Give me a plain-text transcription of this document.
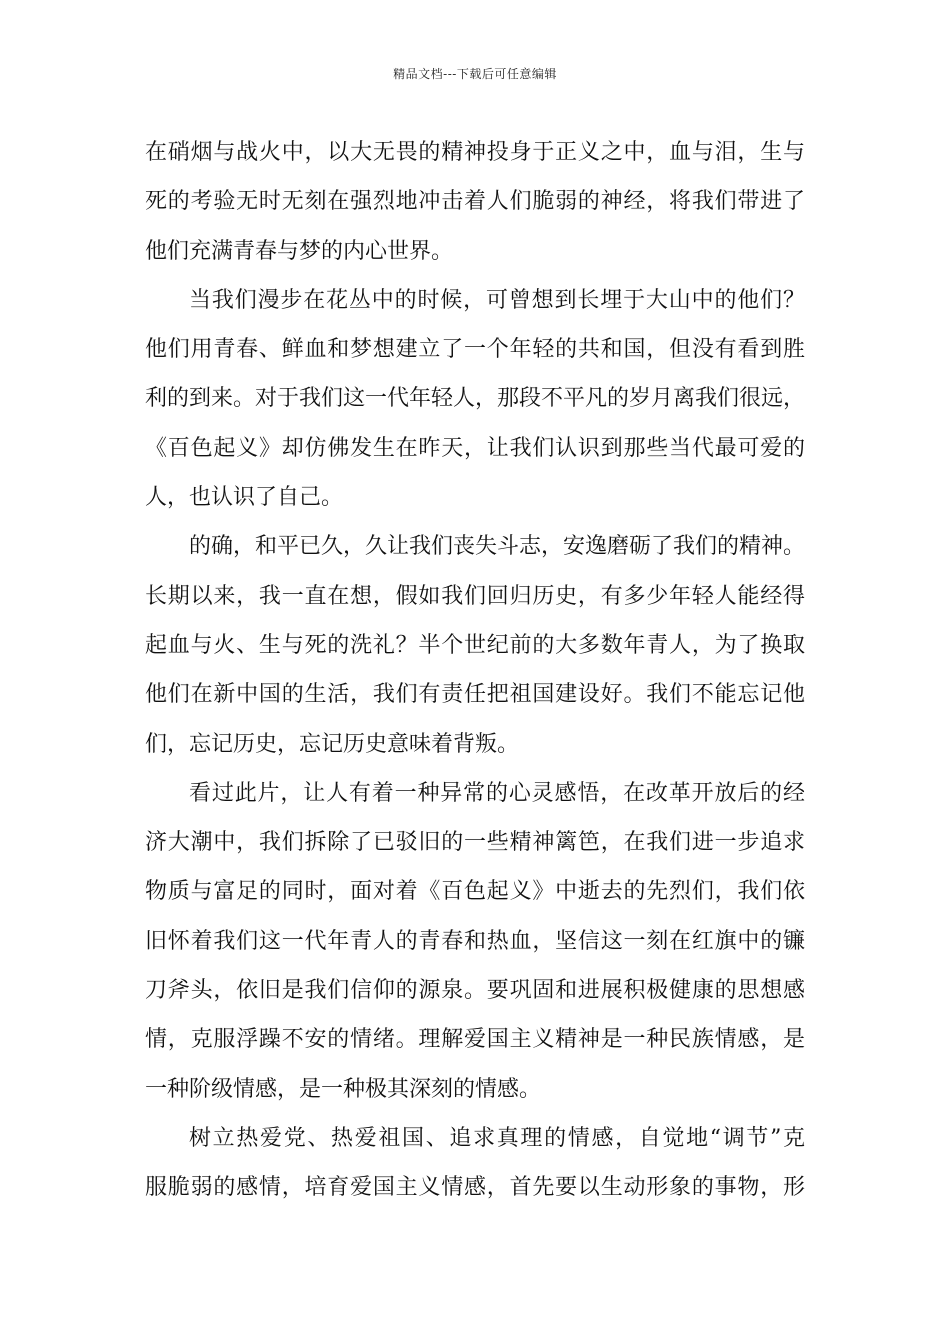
精品文档---下载后可任意编辑
在硝烟与战火中，以大无畏的精神投身于正义之中，血与泪，生与
死的考验无时无刻在强烈地冲击着人们脆弱的神经，将我们带进了
他们充满青春与梦的内心世界。
当我们漫步在花丛中的时候，可曾想到长埋于大山中的他们？
他们用青春、鲜血和梦想建立了一个年轻的共和国，但没有看到胜
利的到来。对于我们这一代年轻人，那段不平凡的岁月离我们很远，
《百色起义》却仿佛发生在昨天，让我们认识到那些当代最可爱的
人，也认识了自己。
的确，和平已久，久让我们丧失斗志，安逸磨砺了我们的精神。
长期以来，我一直在想，假如我们回归历史，有多少年轻人能经得
起血与火、生与死的洗礼？半个世纪前的大多数年青人，为了换取
他们在新中国的生活，我们有责任把祖国建设好。我们不能忘记他
们，忘记历史，忘记历史意味着背叛。
看过此片，让人有着一种异常的心灵感悟，在改革开放后的经
济大潮中，我们拆除了已驳旧的一些精神篱笆，在我们进一步追求
物质与富足的同时，面对着《百色起义》中逝去的先烈们，我们依
旧怀着我们这一代年青人的青春和热血，坚信这一刻在红旗中的镰
刀斧头，依旧是我们信仰的源泉。要巩固和进展积极健康的思想感
情，克服浮躁不安的情绪。理解爱国主义精神是一种民族情感，是
一种阶级情感，是一种极其深刻的情感。
树立热爱党、热爱祖国、追求真理的情感，自觉地“调节”克
服脆弱的感情，培育爱国主义情感，首先要以生动形象的事物，形
